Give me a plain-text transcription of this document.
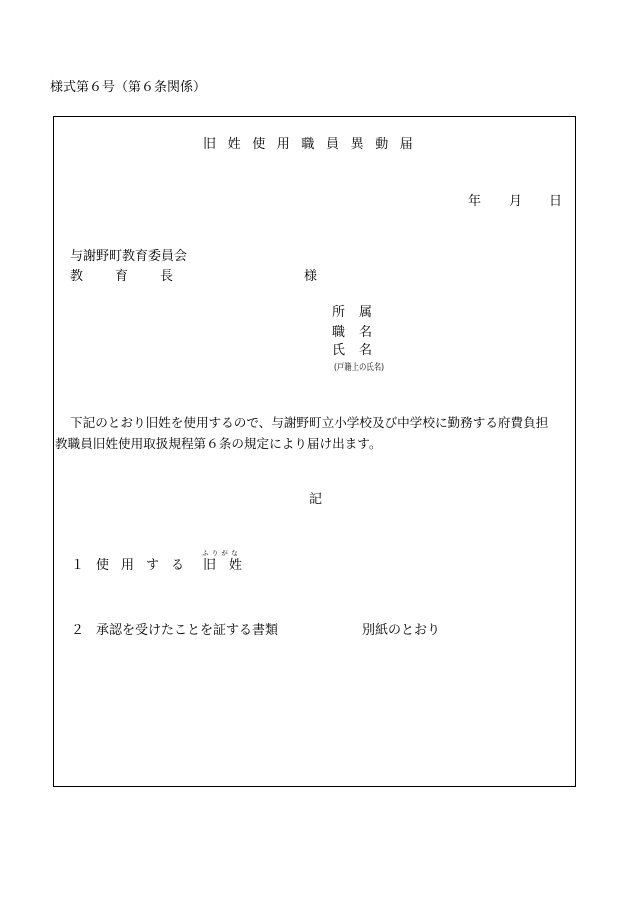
様式第６号（第６条関係）
旧姓使用職員異動届
年 月 日
与謝野町教育委員会
教育長	様
所属
職名
氏名
(戸籍上の氏名)
下記のとおり旧姓を使用するので、与謝野町立小学校及び中学校に勤務する府費負担
教職員旧姓使用取扱規程第６条の規定により届け出ます。
記
１ 使用する
ふりがな
旧 姓
２ 承認を受けたことを証する書類	別紙のとおり
